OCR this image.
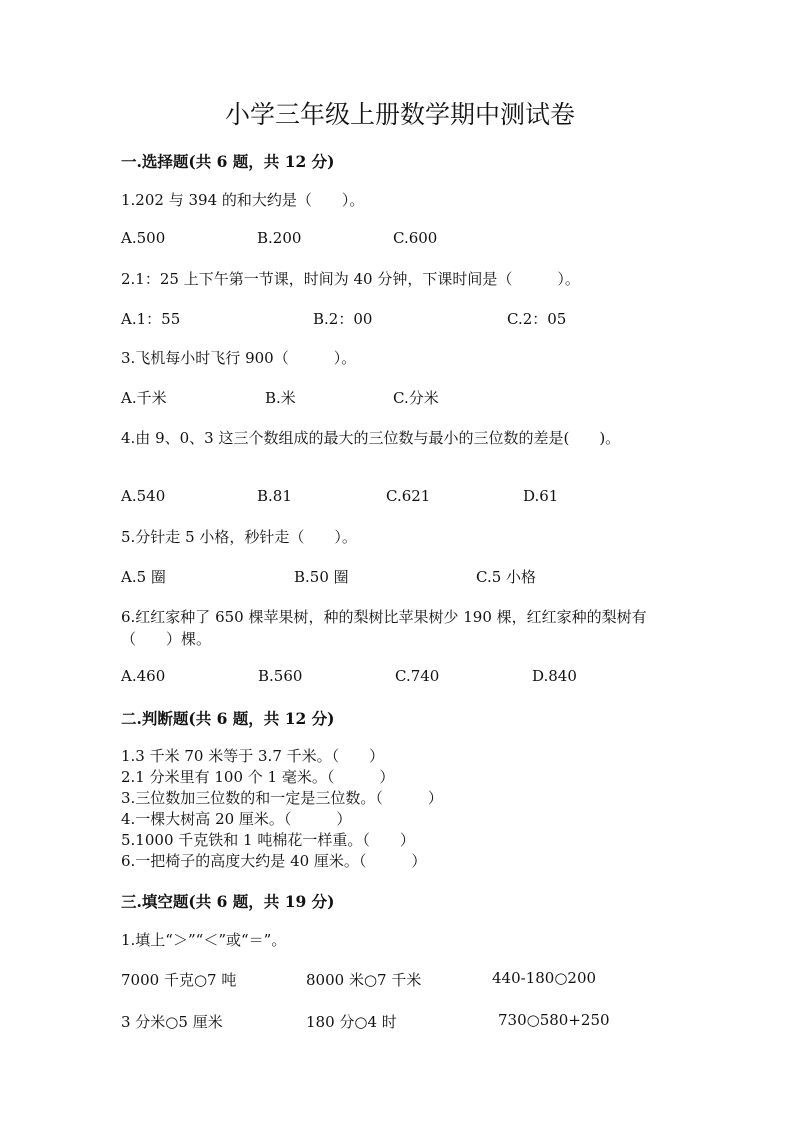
小学三年级上册数学期中测试卷
一.选择题(共 6 题，共 12 分)
1.202 与 394 的和大约是（　　）。
A.500	B.200	C.600
2.1：25 上下午第一节课，时间为 40 分钟，下课时间是（　　　）。
A.1：55	B.2：00	C.2：05
3.飞机每小时飞行 900（　　　）。
A.千米	B.米	C.分米
4.由 9、0、3 这三个数组成的最大的三位数与最小的三位数的差是(　　)。
A.540	B.81	C.621	D.61
5.分针走 5 小格，秒针走（　　）。
A.5 圈	B.50 圈	C.5 小格
6.红红家种了 650 棵苹果树，种的梨树比苹果树少 190 棵，红红家种的梨树有
（　　）棵。
A.460	B.560	C.740	D.840
二.判断题(共 6 题，共 12 分)
1.3 千米 70 米等于 3.7 千米。（　　）
2.1 分米里有 100 个 1 毫米。（　　　）
3.三位数加三位数的和一定是三位数。（　　　）
4.一棵大树高 20 厘米。（　　　）
5.1000 千克铁和 1 吨棉花一样重。（　　）
6.一把椅子的高度大约是 40 厘米。（　　　）
三.填空题(共 6 题，共 19 分)
1.填上“＞”“＜”或“＝”。
7000 千克○7 吨	8000 米○7 千米	440-180○200
3 分米○5 厘米	180 分○4 时	730○580+250
